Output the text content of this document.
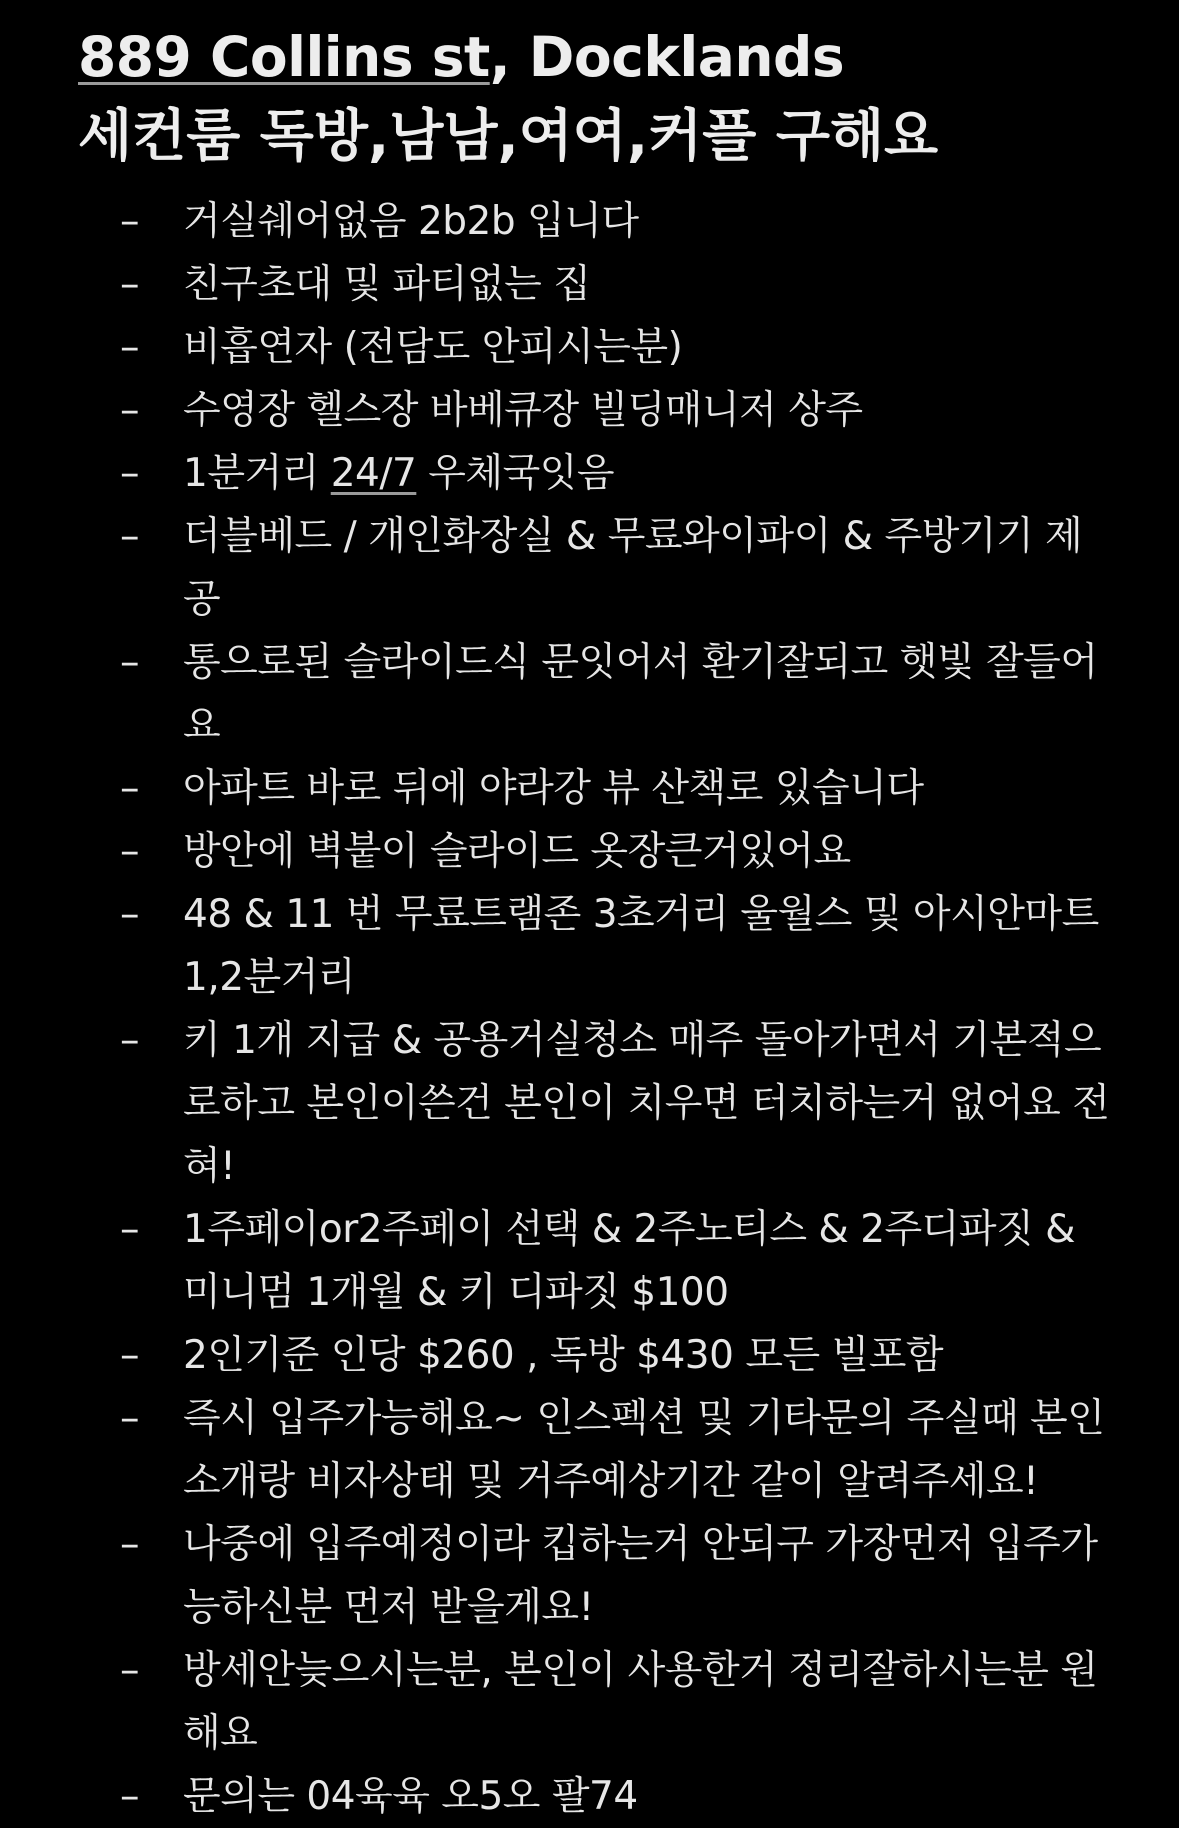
889 Collins st, Docklands
세컨룸 독방,남남,여여,커플 구해요
– 거실쉐어없음 2b2b 입니다
– 친구초대 및 파티없는 집
– 비흡연자 (전담도 안피시는분)
– 수영장 헬스장 바베큐장 빌딩매니저 상주
– 1분거리 24/7 우체국잇음
– 더블베드 / 개인화장실 & 무료와이파이 & 주방기기 제공
– 통으로된 슬라이드식 문잇어서 환기잘되고 햇빛 잘들어요
– 아파트 바로 뒤에 야라강 뷰 산책로 있습니다
– 방안에 벽붙이 슬라이드 옷장큰거있어요
– 48 & 11 번 무료트램존 3초거리 울월스 및 아시안마트 1,2분거리
– 키 1개 지급 & 공용거실청소 매주 돌아가면서 기본적으로하고 본인이쓴건 본인이 치우면 터치하는거 없어요 전혀!
– 1주페이or2주페이 선택 & 2주노티스 & 2주디파짓 & 미니멈 1개월 & 키 디파짓 $100
– 2인기준 인당 $260 , 독방 $430 모든 빌포함
– 즉시 입주가능해요~ 인스펙션 및 기타문의 주실때 본인소개랑 비자상태 및 거주예상기간 같이 알려주세요!
– 나중에 입주예정이라 킵하는거 안되구 가장먼저 입주가능하신분 먼저 받을게요!
– 방세안늦으시는분, 본인이 사용한거 정리잘하시는분 원해요
– 문의는 04육육 오5오 팔74
